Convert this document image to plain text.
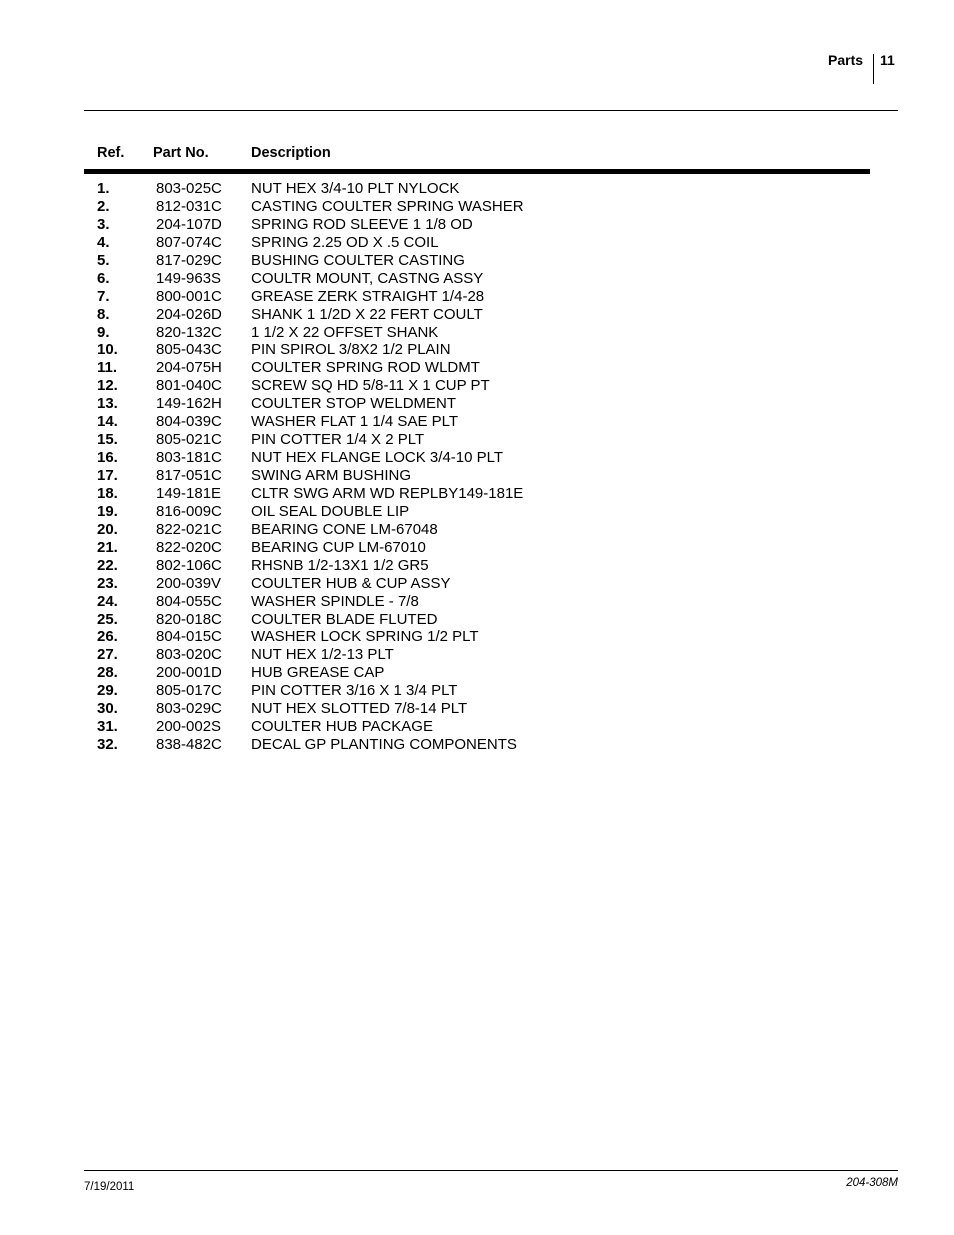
Parts 11
Ref. Part No.	Description
1.	803-025C NUT HEX 3/4-10 PLT NYLOCK
2.	812-031C CASTING COULTER SPRING WASHER
3.	204-107D SPRING ROD SLEEVE 1 1/8 OD
4.	807-074C SPRING 2.25 OD X .5 COIL
5.	817-029C BUSHING COULTER CASTING
6.	149-963S COULTR MOUNT, CASTNG ASSY
7.	800-001C GREASE ZERK STRAIGHT 1/4-28
8.	204-026D SHANK 1 1/2D X 22 FERT COULT
9.	820-132C 1 1/2 X 22 OFFSET SHANK
10.	805-043C PIN SPIROL 3/8X2 1/2 PLAIN
11.	204-075H COULTER SPRING ROD WLDMT
12.	801-040C SCREW SQ HD 5/8-11 X 1 CUP PT
13.	149-162H COULTER STOP WELDMENT
14.	804-039C WASHER FLAT 1 1/4 SAE PLT
15.	805-021C PIN COTTER 1/4 X 2 PLT
16.	803-181C NUT HEX FLANGE LOCK 3/4-10 PLT
17.	817-051C SWING ARM BUSHING
18.	149-181E CLTR SWG ARM WD REPLBY149-181E
19.	816-009C OIL SEAL DOUBLE LIP
20.	822-021C BEARING CONE LM-67048
21.	822-020C BEARING CUP LM-67010
22.	802-106C RHSNB 1/2-13X1 1/2 GR5
23.	200-039V COULTER HUB & CUP ASSY
24.	804-055C WASHER SPINDLE - 7/8
25.	820-018C COULTER BLADE FLUTED
26.	804-015C WASHER LOCK SPRING 1/2 PLT
27.	803-020C NUT HEX 1/2-13 PLT
28.	200-001D HUB GREASE CAP
29.	805-017C PIN COTTER 3/16 X 1 3/4 PLT
30.	803-029C NUT HEX SLOTTED 7/8-14 PLT
31.	200-002S COULTER HUB PACKAGE
32.	838-482C DECAL GP PLANTING COMPONENTS
7/19/2011	204-308M
